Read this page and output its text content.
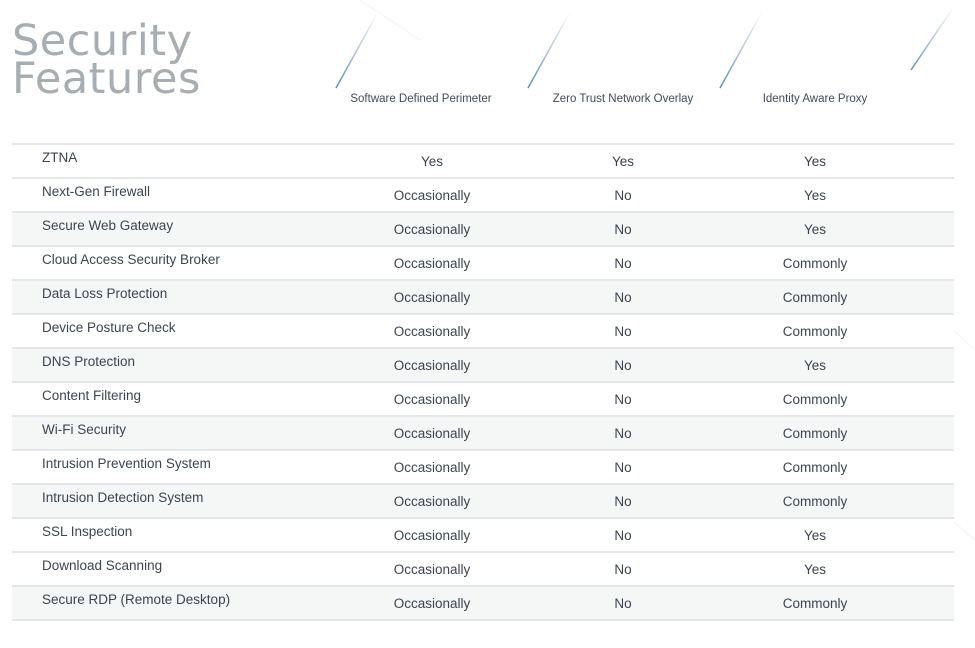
Security
Features	Software Defined Perimeter	Zero Trust Network Overlay	Identity Aware Proxy
ZTNA	Yes	Yes	Yes
Next-Gen Firewall	Occasionally	No	Yes
Secure Web Gateway	Occasionally	No	Yes
Cloud Access Security Broker	Occasionally	No	Commonly
Data Loss Protection	Occasionally	No	Commonly
Device Posture Check	Occasionally	No	Commonly
DNS Protection	Occasionally	No	Yes
Content Filtering	Occasionally	No	Commonly
Wi-Fi Security	Occasionally	No	Commonly
Intrusion Prevention System	Occasionally	No	Commonly
Intrusion Detection System	Occasionally	No	Commonly
SSL Inspection	Occasionally	No	Yes
Download Scanning	Occasionally	No	Yes
Secure RDP (Remote Desktop)	Occasionally	No	Commonly
